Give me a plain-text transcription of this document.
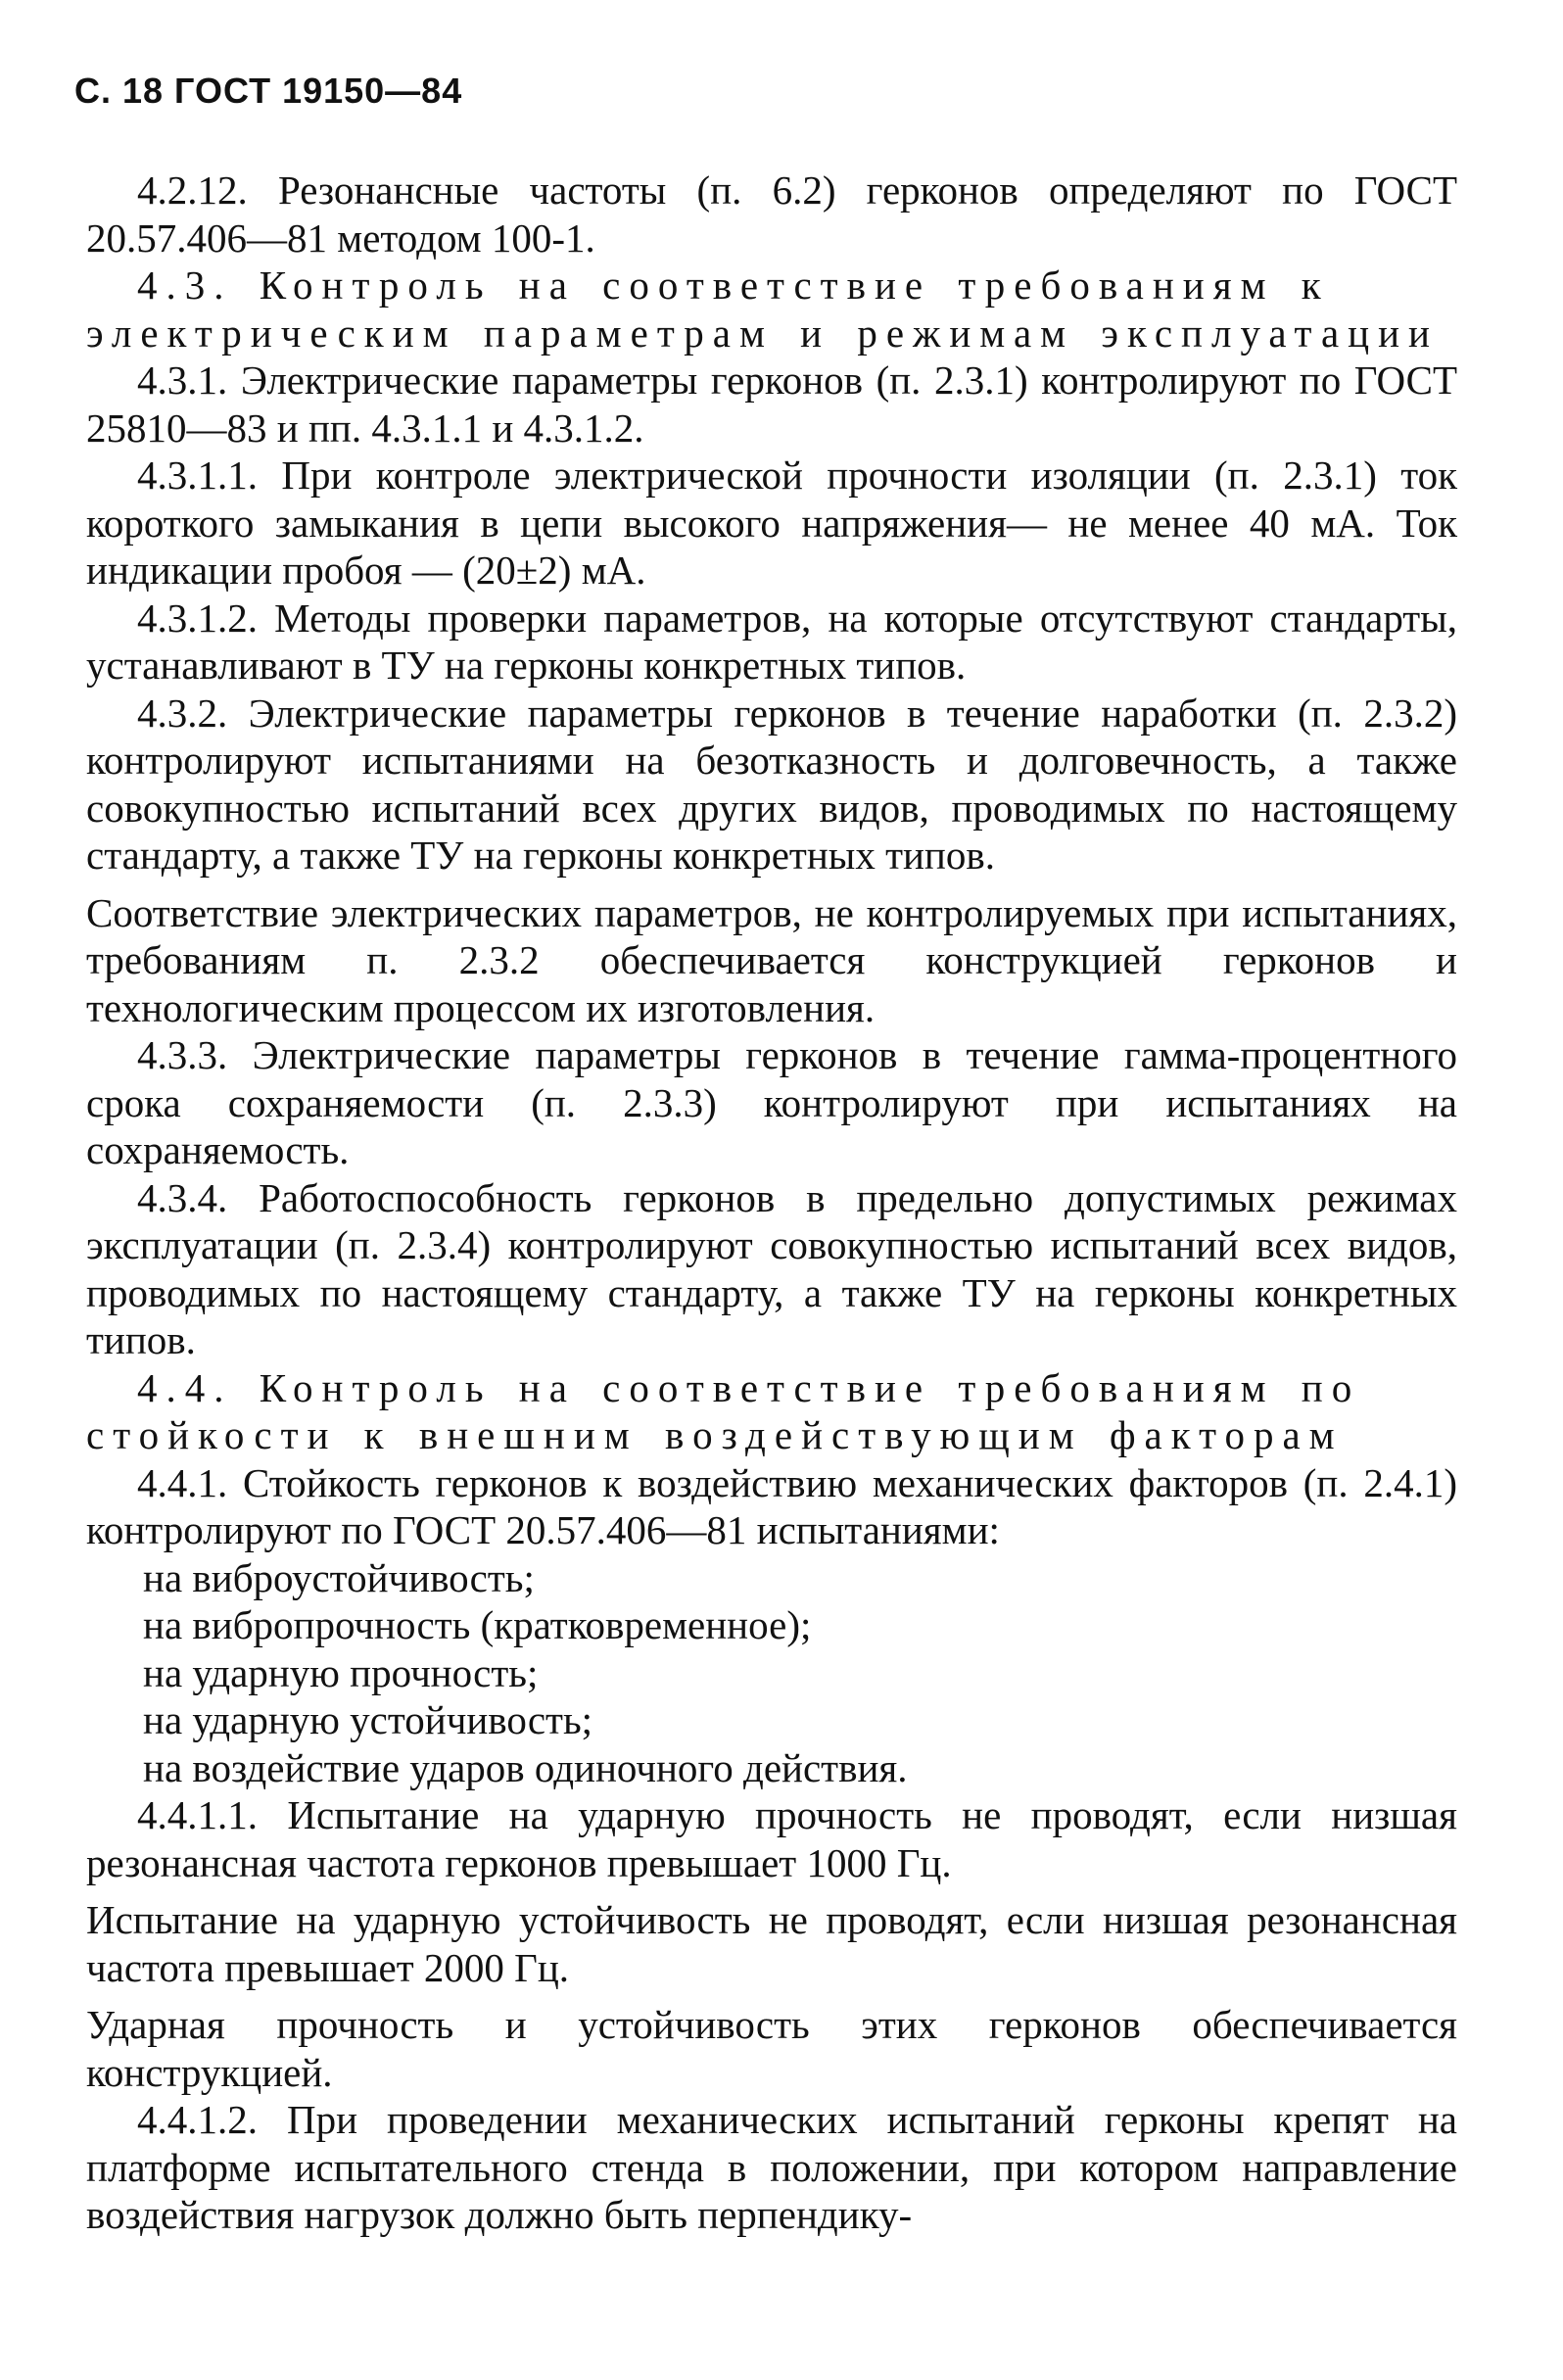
С. 18 ГОСТ 19150—84

4.2.12. Резонансные частоты (п. 6.2) герконов определяют по ГОСТ 20.57.406—81 методом 100-1.

4.3. Контроль на соответствие требованиям к электрическим параметрам и режимам эксплуатации

4.3.1. Электрические параметры герконов (п. 2.3.1) контролируют по ГОСТ 25810—83 и пп. 4.3.1.1 и 4.3.1.2.

4.3.1.1. При контроле электрической прочности изоляции (п. 2.3.1) ток короткого замыкания в цепи высокого напряжения— не менее 40 мА. Ток индикации пробоя — (20±2) мА.

4.3.1.2. Методы проверки параметров, на которые отсутствуют стандарты, устанавливают в ТУ на герконы конкретных типов.

4.3.2. Электрические параметры герконов в течение наработки (п. 2.3.2) контролируют испытаниями на безотказность и долговечность, а также совокупностью испытаний всех других видов, проводимых по настоящему стандарту, а также ТУ на герконы конкретных типов.

Соответствие электрических параметров, не контролируемых при испытаниях, требованиям п. 2.3.2 обеспечивается конструкцией герконов и технологическим процессом их изготовления.

4.3.3. Электрические параметры герконов в течение гамма-процентного срока сохраняемости (п. 2.3.3) контролируют при испытаниях на сохраняемость.

4.3.4. Работоспособность герконов в предельно допустимых режимах эксплуатации (п. 2.3.4) контролируют совокупностью испытаний всех видов, проводимых по настоящему стандарту, а также ТУ на герконы конкретных типов.

4.4. Контроль на соответствие требованиям по стойкости к внешним воздействующим факторам

4.4.1. Стойкость герконов к воздействию механических факторов (п. 2.4.1) контролируют по ГОСТ 20.57.406—81 испытаниями:

на виброустойчивость;

на вибропрочность (кратковременное);

на ударную прочность;

на ударную устойчивость;

на воздействие ударов одиночного действия.

4.4.1.1. Испытание на ударную прочность не проводят, если низшая резонансная частота герконов превышает 1000 Гц.

Испытание на ударную устойчивость не проводят, если низшая резонансная частота превышает 2000 Гц.

Ударная прочность и устойчивость этих герконов обеспечивается конструкцией.

4.4.1.2. При проведении механических испытаний герконы крепят на платформе испытательного стенда в положении, при котором направление воздействия нагрузок должно быть перпендику-
